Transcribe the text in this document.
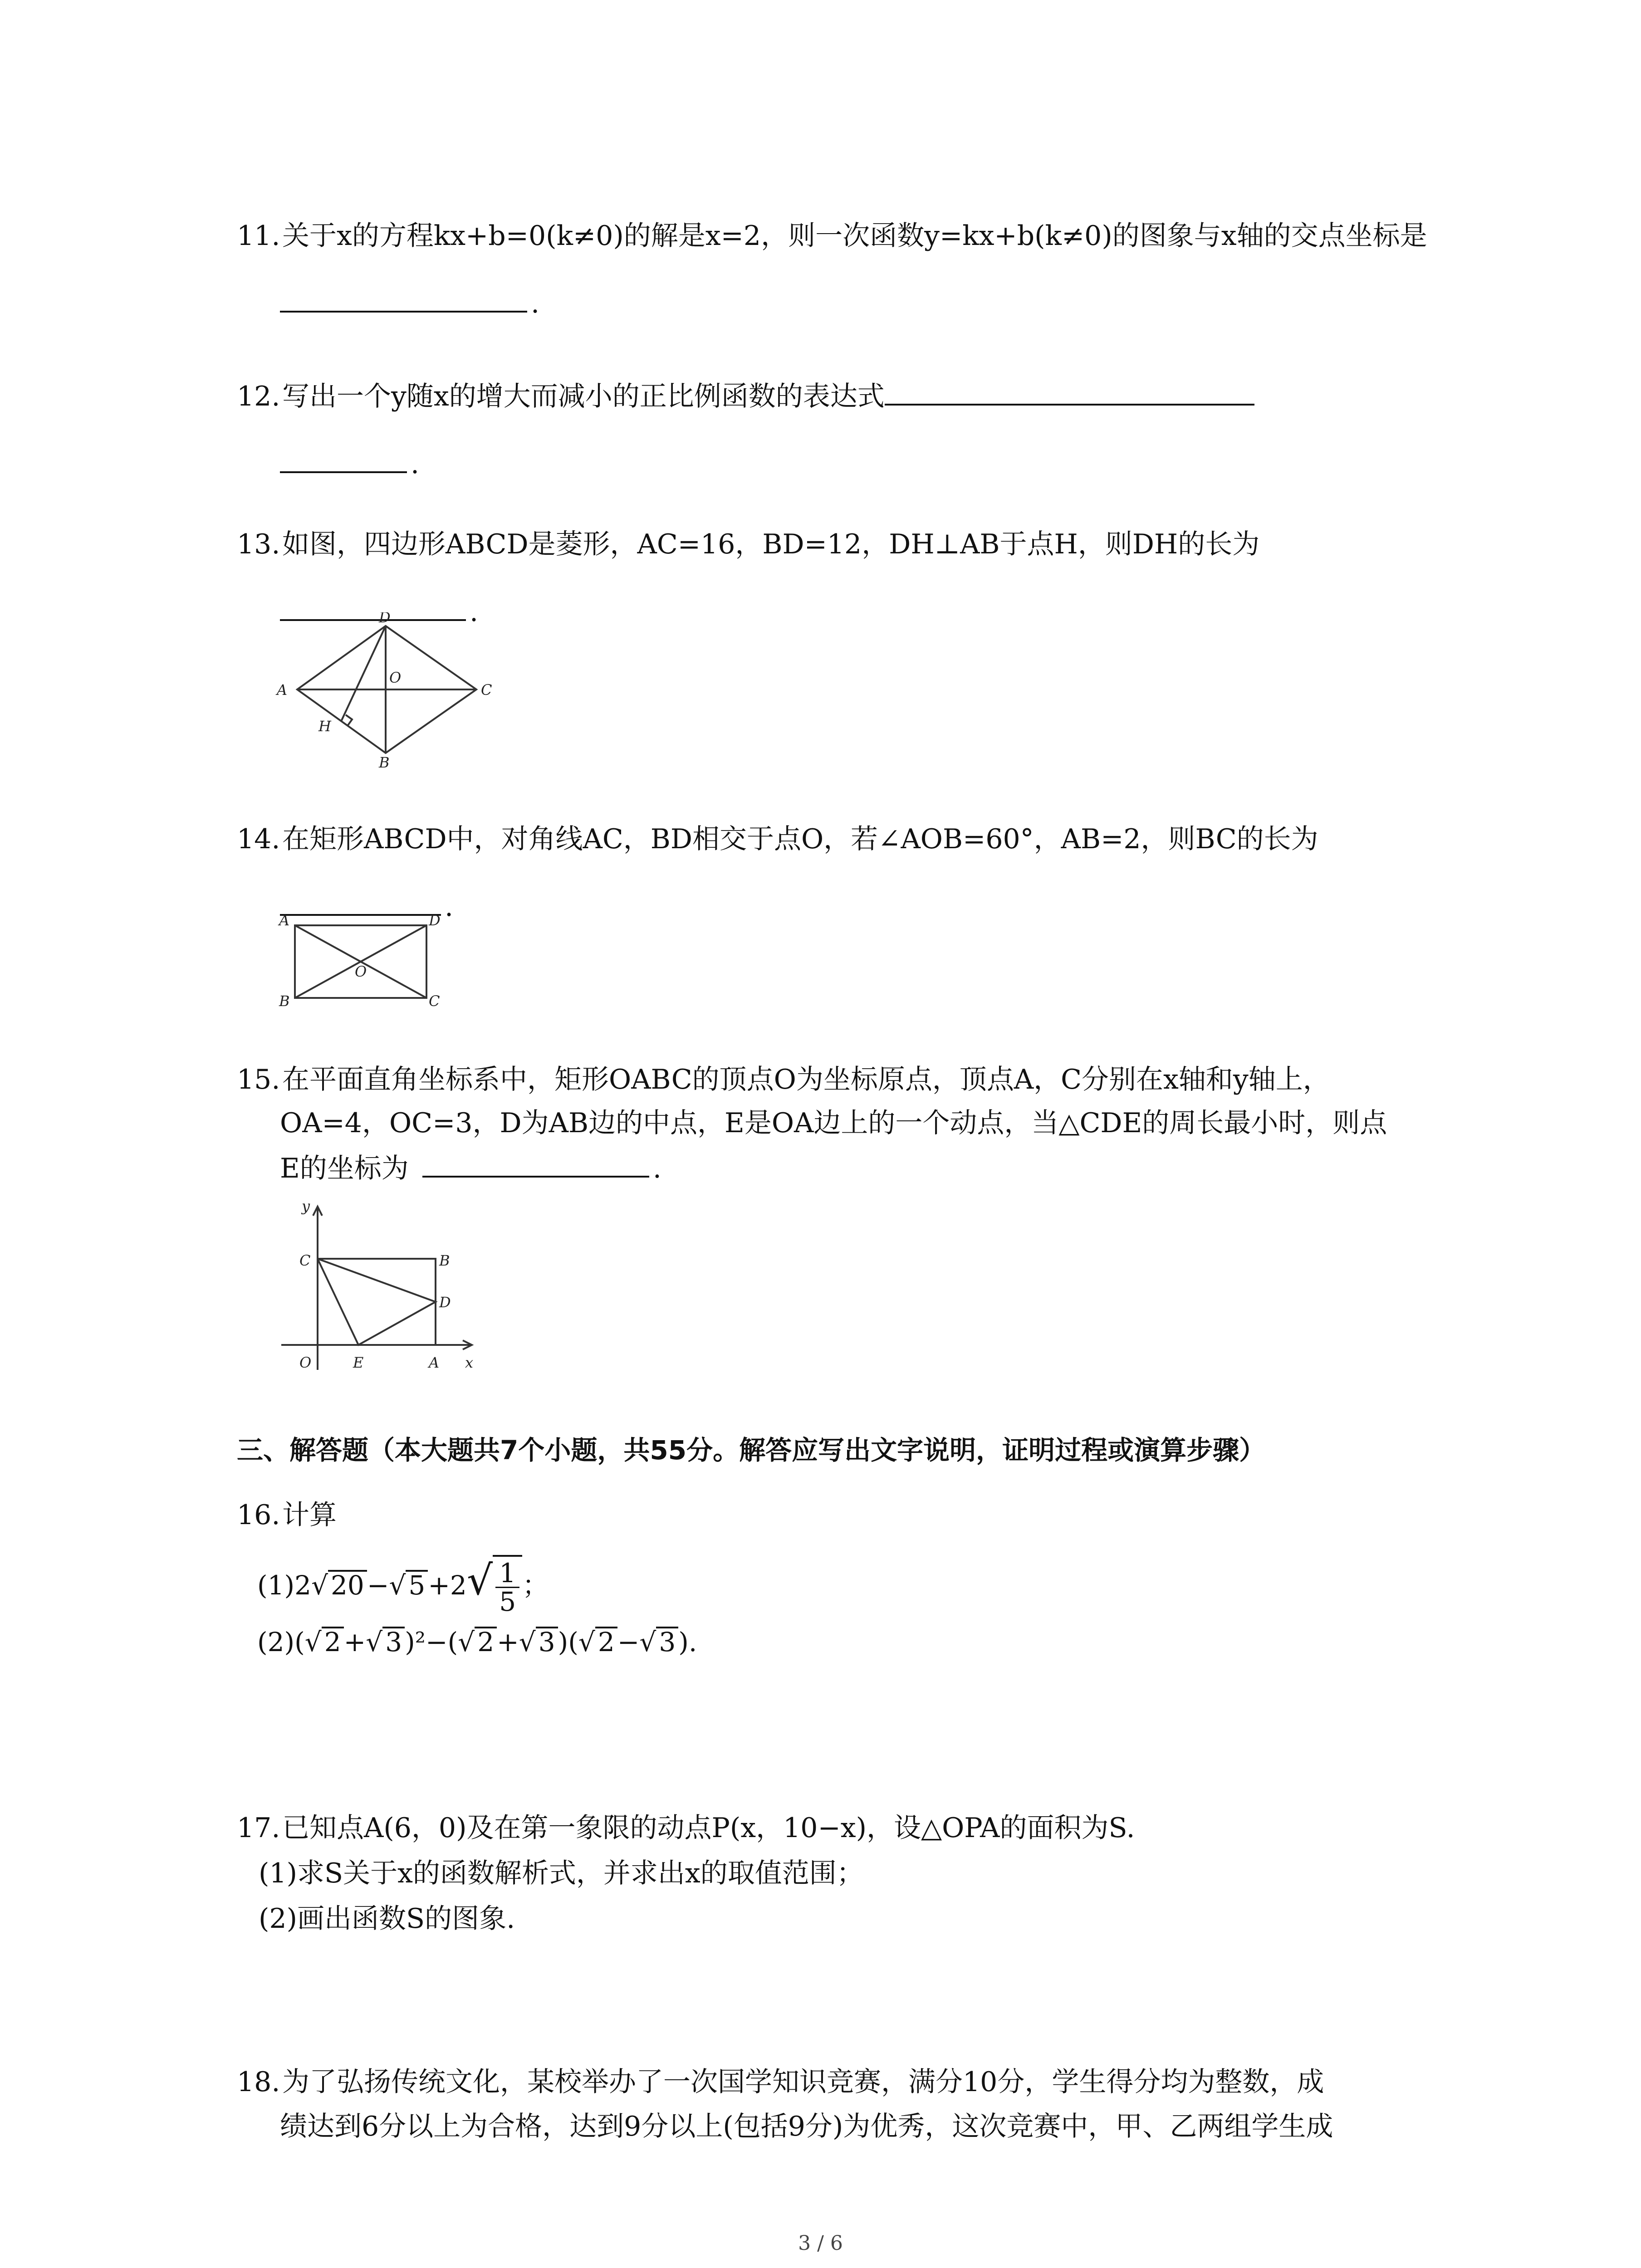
11.关于x的方程kx+b=0(k≠0)的解是x=2，则一次函数y=kx+b(k≠0)的图象与x轴的交点坐标是
.
12.写出一个y随x的增大而减小的正比例函数的表达式
.
13.如图，四边形ABCD是菱形，AC=16，BD=12，DH⊥AB于点H，则DH的长为
.
A
D
C
B
O
H
14.在矩形ABCD中，对角线AC，BD相交于点O，若∠AOB=60°，AB=2，则BC的长为
.
A	D
B	C
O
15.在平面直角坐标系中，矩形OABC的顶点O为坐标原点，顶点A，C分别在x轴和y轴上，
OA=4，OC=3，D为AB边的中点，E是OA边上的一个动点，当△CDE的周长最小时，则点
E的坐标为	.
y
x
C	B
D
O	E	A
三、解答题（本大题共7个小题，共55分。解答应写出文字说明，证明过程或演算步骤）
16.计算
(1)2√ 20 −√ $5 +2√ \frac{1}{5}$ ；
(2)(√ 2 +√ 3 )²−(√ 2 +√ 3 )(√ 2 −√ 3 ).
17.已知点A(6，0)及在第一象限的动点P(x，10−x)，设△OPA的面积为S.
(1)求S关于x的函数解析式，并求出x的取值范围；
(2)画出函数S的图象.
18.为了弘扬传统文化，某校举办了一次国学知识竞赛，满分10分，学生得分均为整数，成
绩达到6分以上为合格，达到9分以上(包括9分)为优秀，这次竞赛中，甲、乙两组学生成
3 / 6
